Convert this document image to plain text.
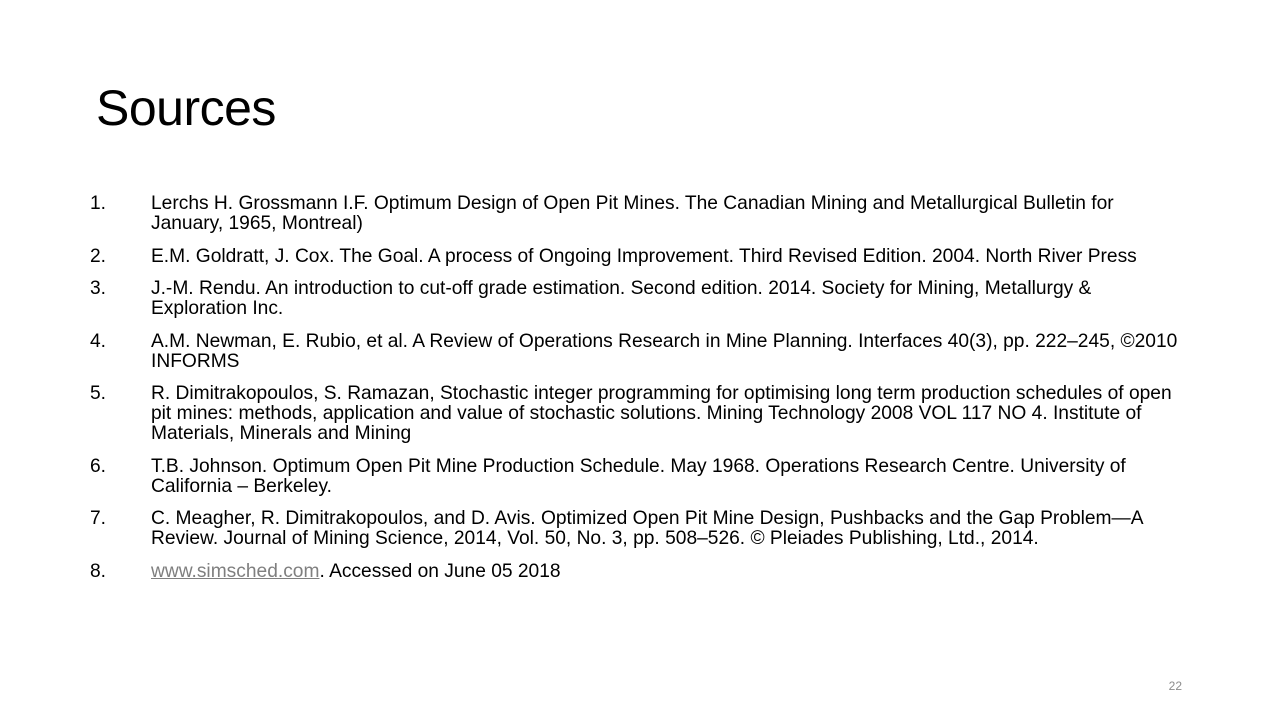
Sources
1. Lerchs H. Grossmann I.F. Optimum Design of Open Pit Mines. The Canadian Mining and Metallurgical Bulletin for January, 1965, Montreal)
2. E.M. Goldratt, J. Cox. The Goal. A process of Ongoing Improvement. Third Revised Edition. 2004. North River Press
3. J.-M. Rendu. An introduction to cut-off grade estimation. Second edition. 2014. Society for Mining, Metallurgy & Exploration Inc.
4. A.M. Newman, E. Rubio, et al. A Review of Operations Research in Mine Planning. Interfaces 40(3), pp. 222–245, ©2010 INFORMS
5. R. Dimitrakopoulos, S. Ramazan, Stochastic integer programming for optimising long term production schedules of open pit mines: methods, application and value of stochastic solutions. Mining Technology 2008 VOL 117 NO 4. Institute of Materials, Minerals and Mining
6. T.B. Johnson. Optimum Open Pit Mine Production Schedule. May 1968. Operations Research Centre. University of California – Berkeley.
7. C. Meagher, R. Dimitrakopoulos, and D. Avis. Optimized Open Pit Mine Design, Pushbacks and the Gap Problem—A Review. Journal of Mining Science, 2014, Vol. 50, No. 3, pp. 508–526. © Pleiades Publishing, Ltd., 2014.
8. www.simsched.com. Accessed on June 05 2018
22
